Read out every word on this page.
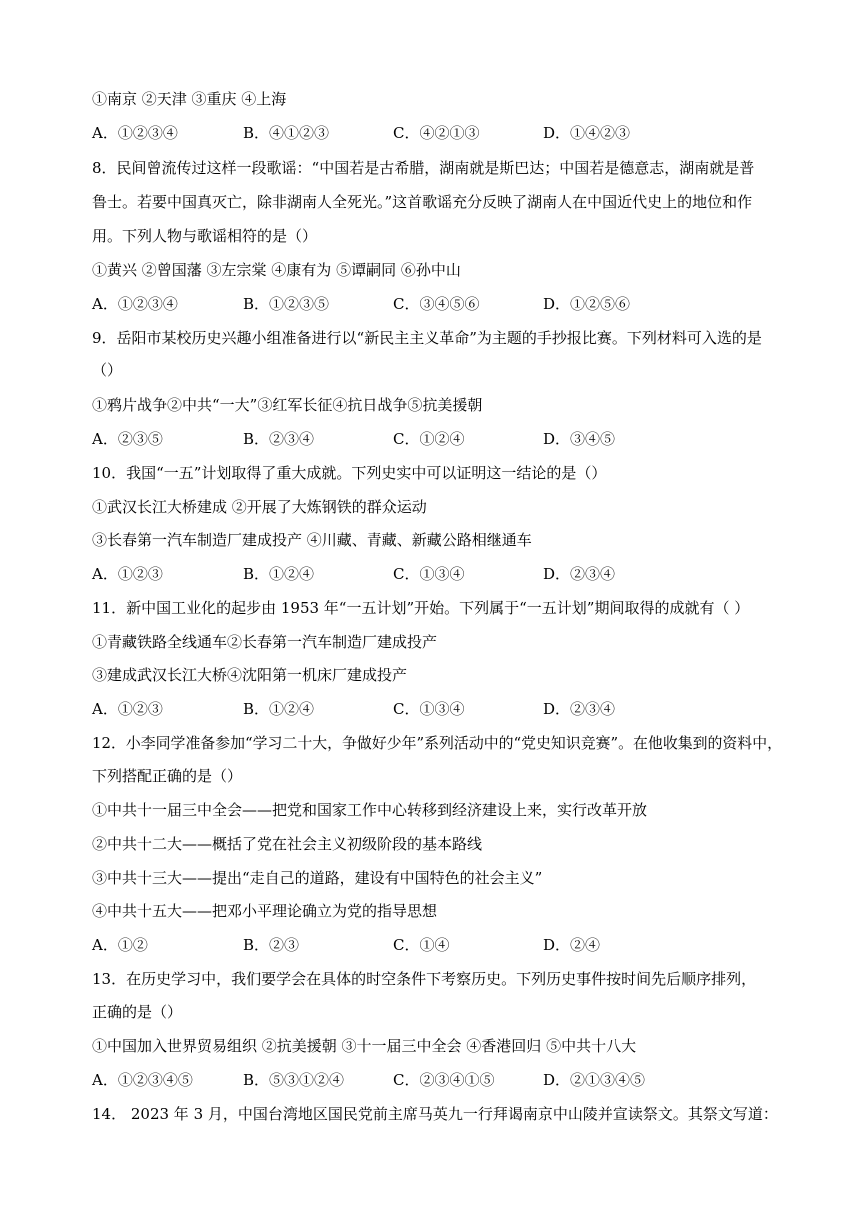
①南京 ②天津 ③重庆 ④上海
A．①②③④	B．④①②③	C．④②①③	D．①④②③
8．民间曾流传过这样一段歌谣：“中国若是古希腊，湖南就是斯巴达；中国若是德意志，湖南就是普
鲁士。若要中国真灭亡，除非湖南人全死光。”这首歌谣充分反映了湖南人在中国近代史上的地位和作
用。下列人物与歌谣相符的是（）
①黄兴 ②曾国藩 ③左宗棠 ④康有为 ⑤谭嗣同 ⑥孙中山
A．①②③④	B．①②③⑤	C．③④⑤⑥	D．①②⑤⑥
9．岳阳市某校历史兴趣小组准备进行以“新民主主义革命”为主题的手抄报比赛。下列材料可入选的是
（）
①鸦片战争②中共“一大”③红军长征④抗日战争⑤抗美援朝
A．②③⑤	B．②③④	C．①②④	D．③④⑤
10．我国“一五”计划取得了重大成就。下列史实中可以证明这一结论的是（）
①武汉长江大桥建成 ②开展了大炼钢铁的群众运动
③长春第一汽车制造厂建成投产 ④川藏、青藏、新藏公路相继通车
A．①②③	B．①②④	C．①③④	D．②③④
11．新中国工业化的起步由 1953 年“一五计划”开始。下列属于“一五计划”期间取得的成就有（ ）
①青藏铁路全线通车②长春第一汽车制造厂建成投产
③建成武汉长江大桥④沈阳第一机床厂建成投产
A．①②③	B．①②④	C．①③④	D．②③④
12．小李同学准备参加“学习二十大，争做好少年”系列活动中的“党史知识竞赛”。在他收集到的资料中，
下列搭配正确的是（）
①中共十一届三中全会——把党和国家工作中心转移到经济建设上来，实行改革开放
②中共十二大——概括了党在社会主义初级阶段的基本路线
③中共十三大——提出“走自己的道路，建设有中国特色的社会主义”
④中共十五大——把邓小平理论确立为党的指导思想
A．①②	B．②③	C．①④	D．②④
13．在历史学习中，我们要学会在具体的时空条件下考察历史。下列历史事件按时间先后顺序排列，
正确的是（）
①中国加入世界贸易组织 ②抗美援朝 ③十一届三中全会 ④香港回归 ⑤中共十八大
A．①②③④⑤	B．⑤③①②④	C．②③④①⑤	D．②①③④⑤
14． 2023 年 3 月，中国台湾地区国民党前主席马英九一行拜谒南京中山陵并宣读祭文。其祭文写道：
